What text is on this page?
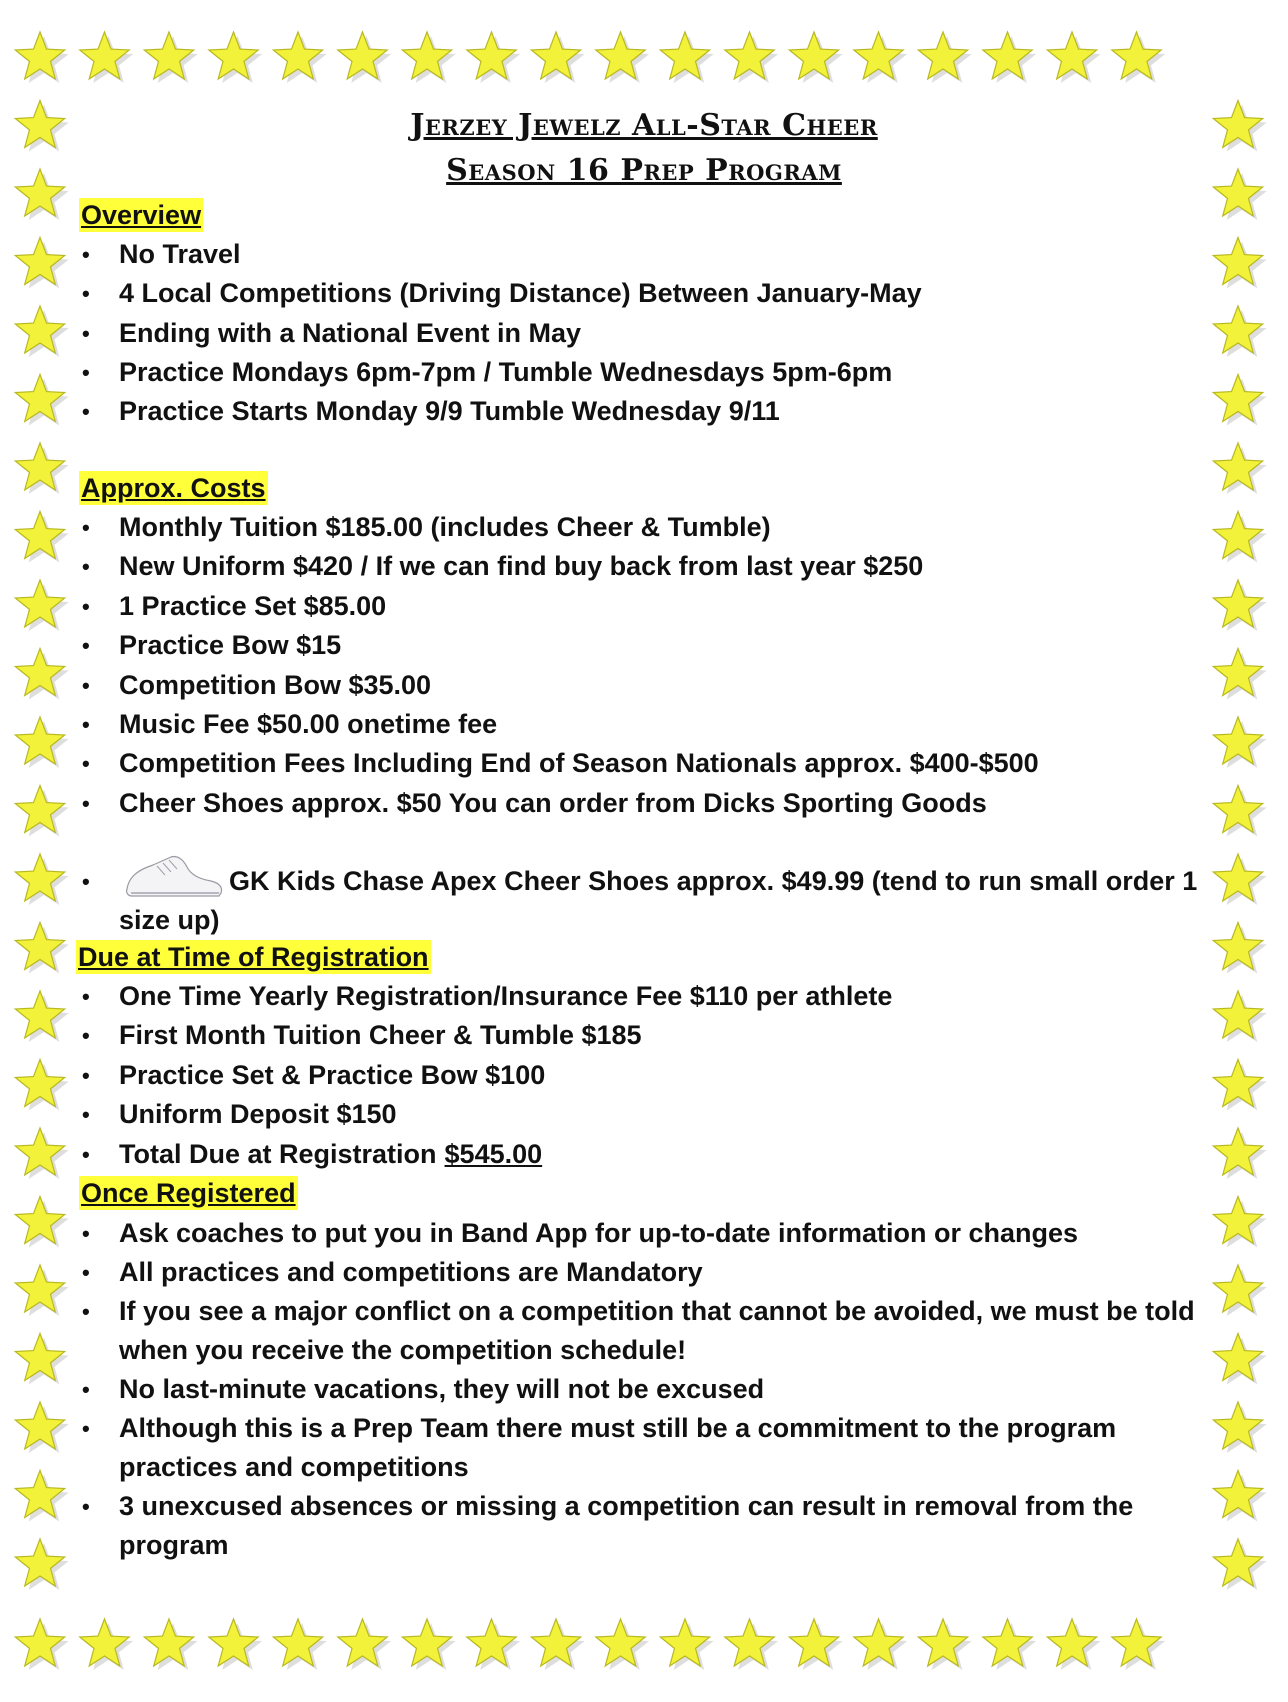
Jerzey Jewelz All-Star Cheer
Season 16 Prep Program
Overview
• No Travel
• 4 Local Competitions (Driving Distance) Between January-May
• Ending with a National Event in May
• Practice Mondays 6pm-7pm / Tumble Wednesdays 5pm-6pm
• Practice Starts Monday 9/9 Tumble Wednesday 9/11
Approx. Costs
• Monthly Tuition $185.00 (includes Cheer & Tumble)
• New Uniform $420 / If we can find buy back from last year $250
• 1 Practice Set $85.00
• Practice Bow $15
• Competition Bow $35.00
• Music Fee $50.00 onetime fee
• Competition Fees Including End of Season Nationals approx. $400-$500
• Cheer Shoes approx. $50 You can order from Dicks Sporting Goods
•	GK Kids Chase Apex Cheer Shoes approx. $49.99 (tend to run small order 1
size up)
Due at Time of Registration
• One Time Yearly Registration/Insurance Fee $110 per athlete
• First Month Tuition Cheer & Tumble $185
• Practice Set & Practice Bow $100
• Uniform Deposit $150
• Total Due at Registration$545.00
Once Registered
• Ask coaches to put you in Band App for up-to-date information or changes
• All practices and competitions are Mandatory
• If you see a major conflict on a competition that cannot be avoided, we must be told
when you receive the competition schedule!
• No last-minute vacations, they will not be excused
• Although this is a Prep Team there must still be a commitment to the program
practices and competitions
• 3 unexcused absences or missing a competition can result in removal from the
program
